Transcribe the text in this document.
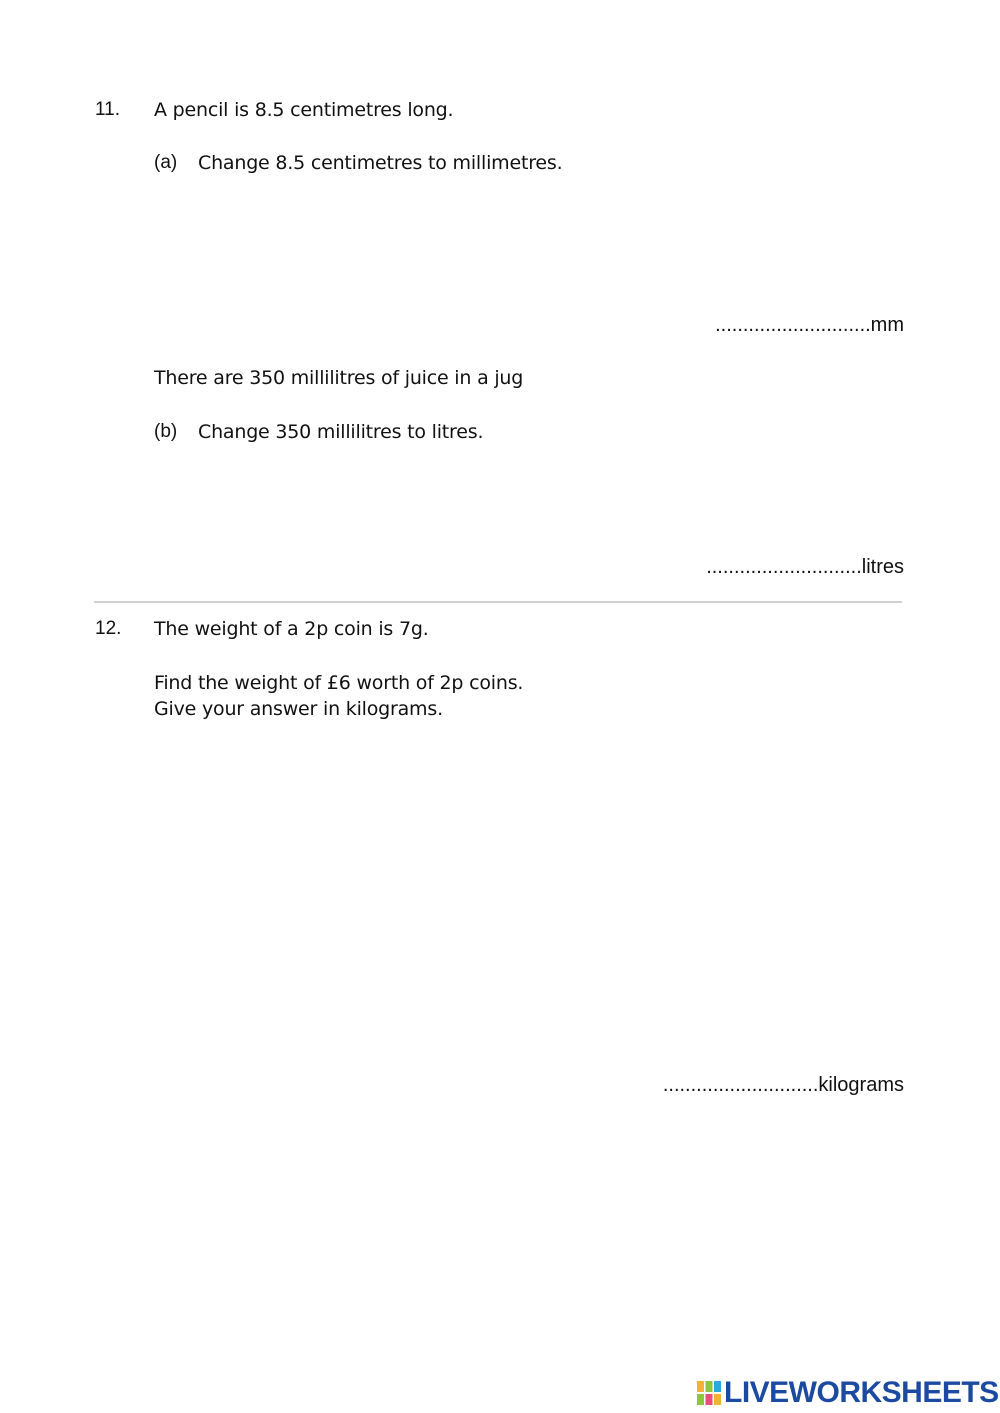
11. A pencil is 8.5 centimetres long.
(a) Change 8.5 centimetres to millimetres.
............................mm
There are 350 millilitres of juice in a jug
(b) Change 350 millilitres to litres.
............................litres
12. The weight of a 2p coin is 7g.
Find the weight of £6 worth of 2p coins.
Give your answer in kilograms.
............................kilograms
LIVEWORKSHEETS
